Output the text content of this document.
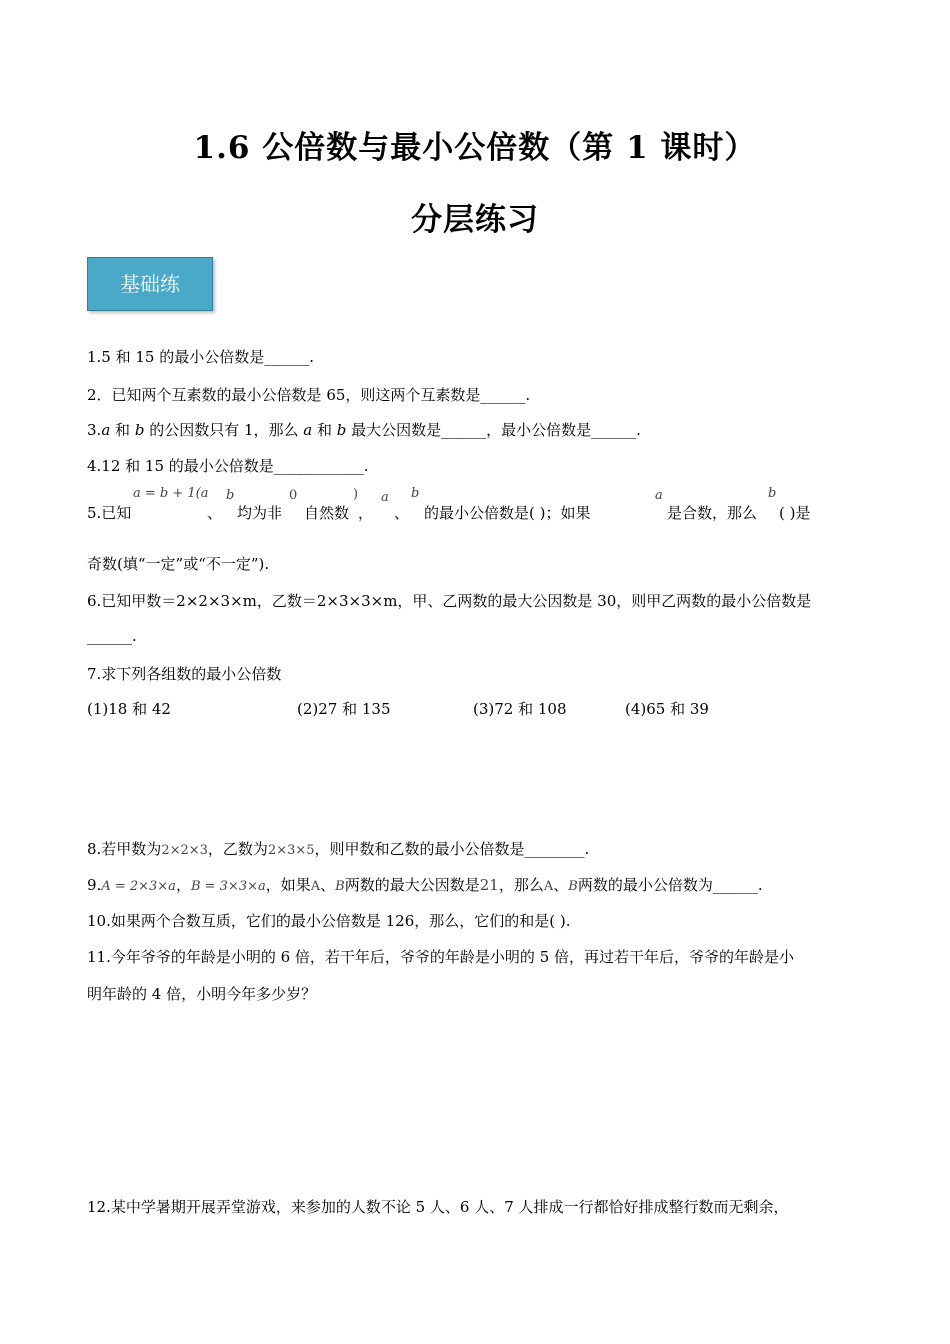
1.6 公倍数与最小公倍数（第 1 课时）
分层练习
基础练
1.5 和 15 的最小公倍数是______.
2．已知两个互素数的最小公倍数是 65，则这两个互素数是______.
3.a 和 b 的公因数只有 1，那么 a 和 b 最大公因数是______，最小公倍数是______.
4.12 和 15 的最小公倍数是____________.
5.已知
a = b + 1(a
、
b
均为非
0
自然数
)
，
a
、
b
的最小公倍数是( )；如果
a
是合数，那么
b
( )是
奇数(填“一定”或“不一定”).
6.已知甲数＝2×2×3×m，乙数＝2×3×3×m，甲、乙两数的最大公因数是 30，则甲乙两数的最小公倍数是
______.
7.求下列各组数的最小公倍数
(1)18 和 42	(2)27 和 135	(3)72 和 108	(4)65 和 39
8.若甲数为2×2×3，乙数为2×3×5，则甲数和乙数的最小公倍数是________.
9.A = 2×3×a，B = 3×3×a，如果A、B两数的最大公因数是21，那么A、B两数的最小公倍数为______.
10.如果两个合数互质，它们的最小公倍数是 126，那么，它们的和是( ).
11.今年爷爷的年龄是小明的 6 倍，若干年后，爷爷的年龄是小明的 5 倍，再过若干年后，爷爷的年龄是小
明年龄的 4 倍，小明今年多少岁？
12.某中学暑期开展弄堂游戏，来参加的人数不论 5 人、6 人、7 人排成一行都恰好排成整行数而无剩余，
